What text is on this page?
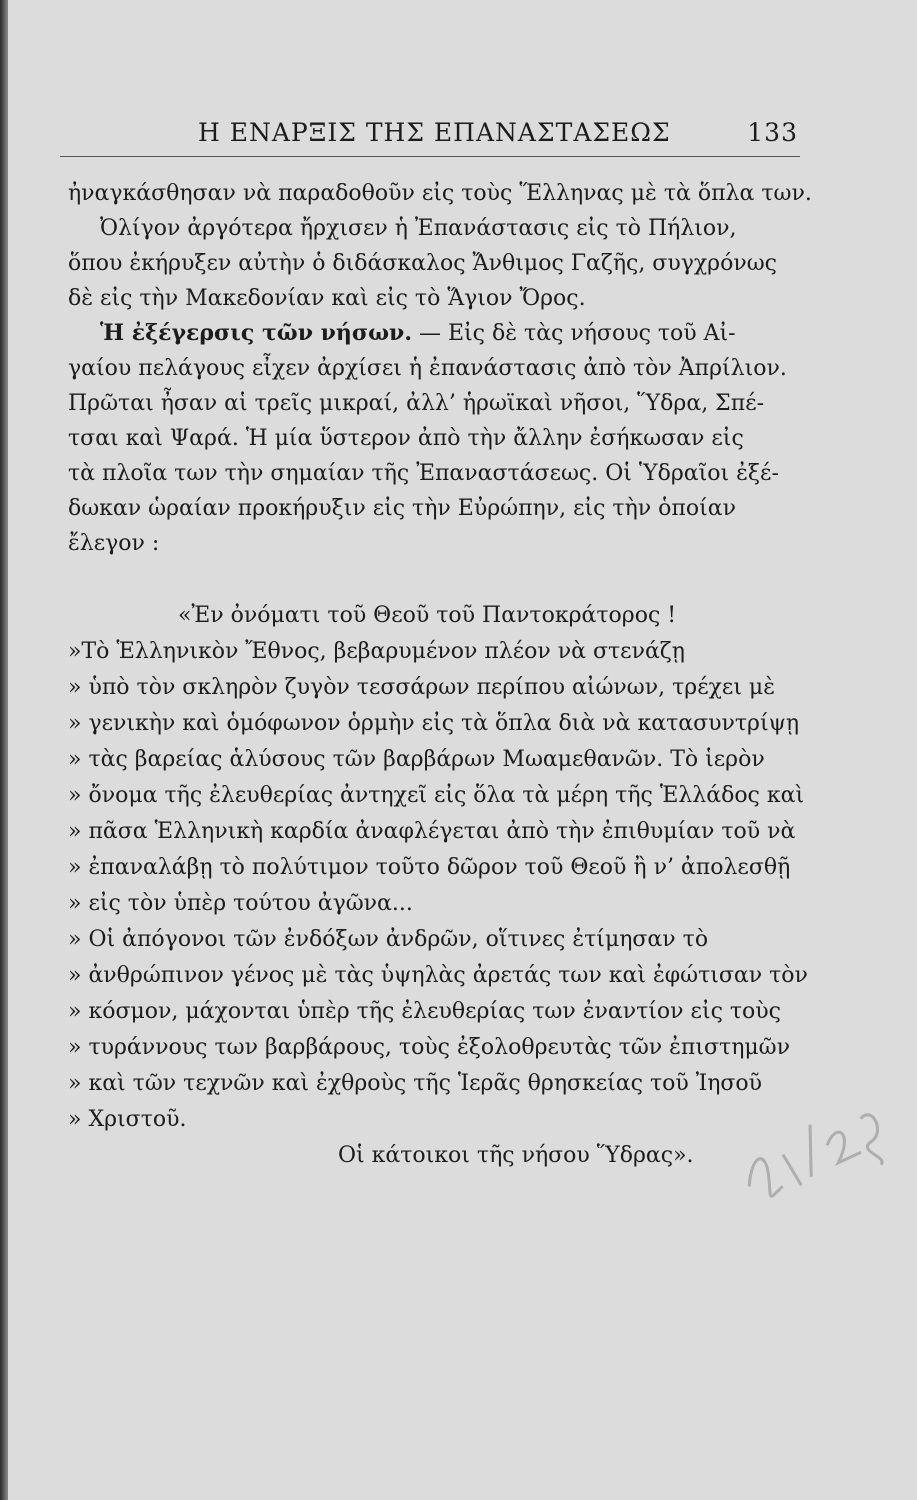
Η ΕΝΑΡΞΙΣ ΤΗΣ ΕΠΑΝΑΣΤΑΣΕΩΣ	133
ἠναγκάσθησαν νὰ παραδοθοῦν εἰς τοὺς Ἕλληνας μὲ τὰ ὅπλα των.
Ὀλίγον ἀργότερα ἤρχισεν ἡ Ἐπανάστασις εἰς τὸ Πήλιον,
ὅπου ἐκήρυξεν αὐτὴν ὁ διδάσκαλος Ἄνθιμος Γαζῆς, συγχρόνως
δὲ εἰς τὴν Μακεδονίαν καὶ εἰς τὸ Ἅγιον Ὄρος.
Ἡ ἐξέγερσις τῶν νήσων. — Εἰς δὲ τὰς νήσους τοῦ Αἰ-
γαίου πελάγους εἶχεν ἀρχίσει ἡ ἐπανάστασις ἀπὸ τὸν Ἀπρίλιον.
Πρῶται ἦσαν αἱ τρεῖς μικραί, ἀλλ’ ἡρωϊκαὶ νῆσοι, Ὕδρα, Σπέ-
τσαι καὶ Ψαρά. Ἡ μία ὕστερον ἀπὸ τὴν ἄλλην ἐσήκωσαν εἰς
τὰ πλοῖα των τὴν σημαίαν τῆς Ἐπαναστάσεως. Οἱ Ὑδραῖοι ἐξέ-
δωκαν ὡραίαν προκήρυξιν εἰς τὴν Εὐρώπην, εἰς τὴν ὁποίαν
ἔλεγον :
«Ἐν ὀνόματι τοῦ Θεοῦ τοῦ Παντοκράτορος !
»Τὸ Ἑλληνικὸν Ἔθνος, βεβαρυμένον πλέον νὰ στενάζῃ
» ὑπὸ τὸν σκληρὸν ζυγὸν τεσσάρων περίπου αἰώνων, τρέχει μὲ
» γενικὴν καὶ ὁμόφωνον ὁρμὴν εἰς τὰ ὅπλα διὰ νὰ κατασυντρίψῃ
» τὰς βαρείας ἁλύσους τῶν βαρβάρων Μωαμεθανῶν. Τὸ ἱερὸν
» ὄνομα τῆς ἐλευθερίας ἀντηχεῖ εἰς ὅλα τὰ μέρη τῆς Ἑλλάδος καὶ
» πᾶσα Ἑλληνικὴ καρδία ἀναφλέγεται ἀπὸ τὴν ἐπιθυμίαν τοῦ νὰ
» ἐπαναλάβῃ τὸ πολύτιμον τοῦτο δῶρον τοῦ Θεοῦ ἢ ν’ ἀπολεσθῇ
» εἰς τὸν ὑπὲρ τούτου ἀγῶνα...
» Οἱ ἀπόγονοι τῶν ἐνδόξων ἀνδρῶν, οἵτινες ἐτίμησαν τὸ
» ἀνθρώπινον γένος μὲ τὰς ὑψηλὰς ἀρετάς των καὶ ἐφώτισαν τὸν
» κόσμον, μάχονται ὑπὲρ τῆς ἐλευθερίας των ἐναντίον εἰς τοὺς
» τυράννους των βαρβάρους, τοὺς ἐξολοθρευτὰς τῶν ἐπιστημῶν
» καὶ τῶν τεχνῶν καὶ ἐχθροὺς τῆς Ἱερᾶς θρησκείας τοῦ Ἰησοῦ
» Χριστοῦ.
Οἱ κάτοικοι τῆς νήσου Ὕδρας».
